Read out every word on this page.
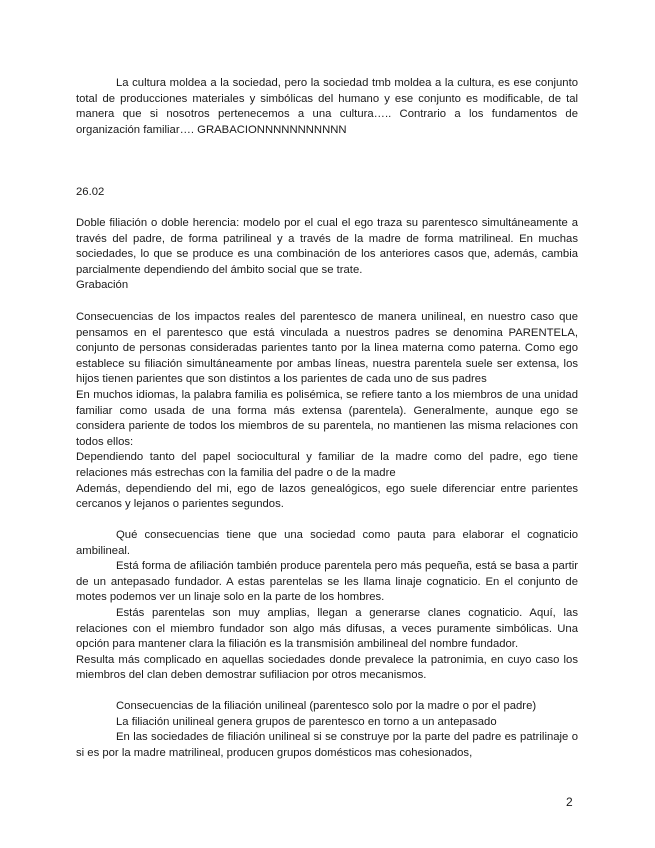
La cultura moldea a la sociedad, pero la sociedad tmb moldea a la cultura, es ese conjunto total de producciones materiales y simbólicas del humano y ese conjunto es modificable, de tal manera que si nosotros pertenecemos a una cultura….. Contrario a los fundamentos de organización familiar…. GRABACIONNNNNNNNNNN

26.02

Doble filiación o doble herencia: modelo por el cual el ego traza su parentesco simultáneamente a través del padre, de forma patrilineal y a través de la madre de forma matrilineal. En muchas sociedades, lo que se produce es una combinación de los anteriores casos que, además, cambia parcialmente dependiendo del ámbito social que se trate.

Grabación

Consecuencias de los impactos reales del parentesco de manera unilineal, en nuestro caso que pensamos en el parentesco que está vinculada a nuestros padres se denomina PARENTELA, conjunto de personas consideradas parientes tanto por la linea materna como paterna. Como ego establece su filiación simultáneamente por ambas líneas, nuestra parentela suele ser extensa, los hijos tienen parientes que son distintos a los parientes de cada uno de sus padres

En muchos idiomas, la palabra familia es polisémica, se refiere tanto a los miembros de una unidad familiar como usada de una forma más extensa (parentela). Generalmente, aunque ego se considera pariente de todos los miembros de su parentela, no mantienen las misma relaciones con todos ellos:

Dependiendo tanto del papel sociocultural y familiar de la madre como del padre, ego tiene relaciones más estrechas con la familia del padre o de la madre

Además, dependiendo del mi, ego de lazos genealógicos, ego suele diferenciar entre parientes cercanos y lejanos o parientes segundos.

Qué consecuencias tiene que una sociedad como pauta para elaborar el cognaticio ambilineal.

Está forma de afiliación también produce parentela pero más pequeña, está se basa a partir de un antepasado fundador. A estas parentelas se les llama linaje cognaticio. En el conjunto de motes podemos ver un linaje solo en la parte de los hombres.

Estás parentelas son muy amplias, llegan a generarse clanes cognaticio. Aquí, las relaciones con el miembro fundador son algo más difusas, a veces puramente simbólicas. Una opción para mantener clara la filiación es la transmisión ambilineal del nombre fundador.

Resulta más complicado en aquellas sociedades donde prevalece la patronimia, en cuyo caso los miembros del clan deben demostrar sufiliacion por otros mecanismos.

Consecuencias de la filiación unilineal (parentesco solo por la madre o por el padre)

La filiación unilineal genera grupos de parentesco en torno a un antepasado

En las sociedades de filiación unilineal si se construye por la parte del padre es patrilinaje o si es por la madre matrilineal, producen grupos domésticos mas cohesionados,

2
